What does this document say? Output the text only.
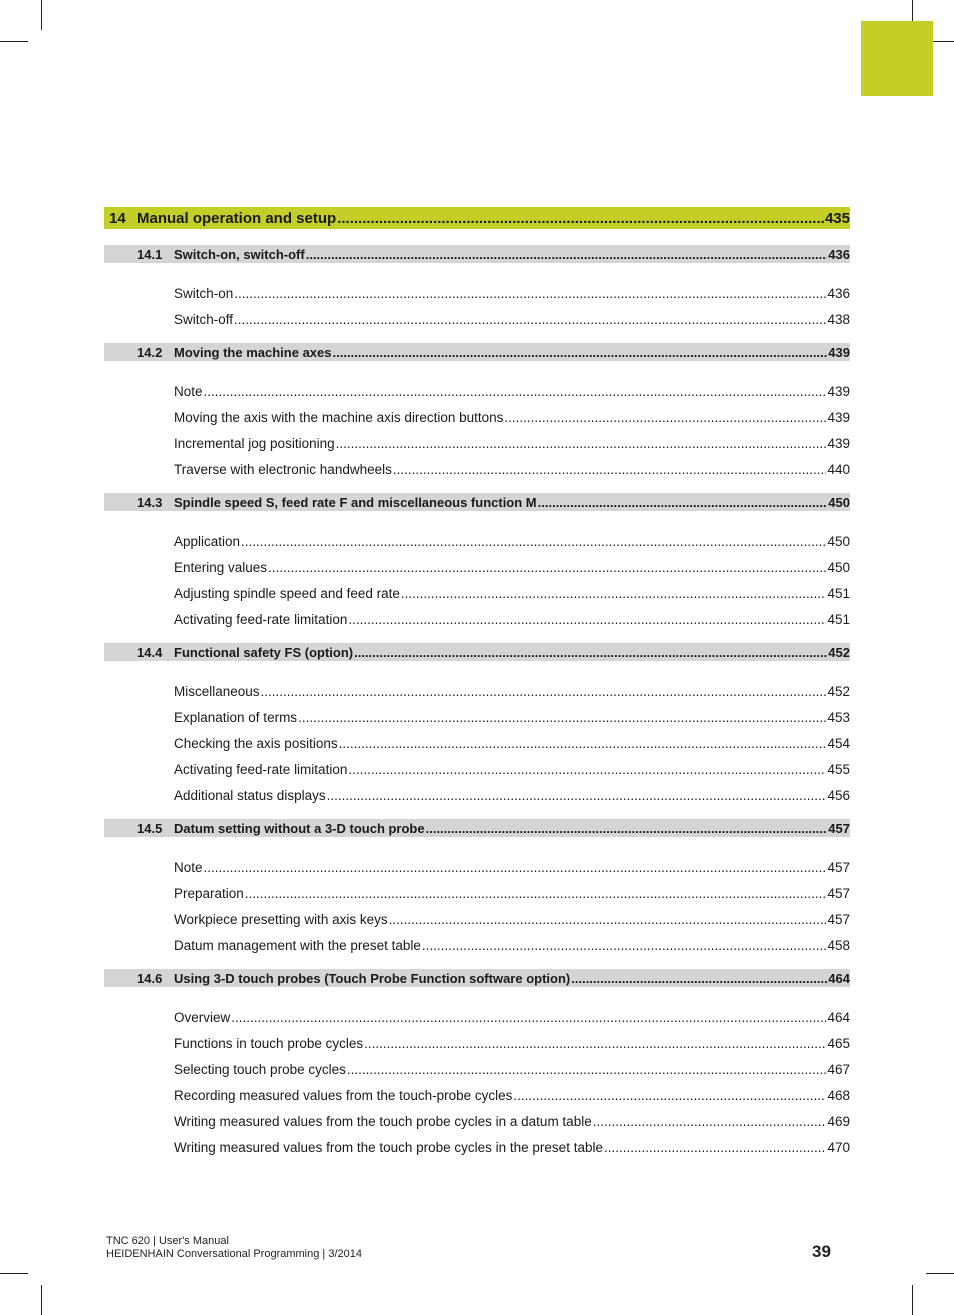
14 Manual operation and setup .....	435
14.1 Switch-on, switch-off .....	436
Switch-on .....	436
Switch-off .....	438
14.2 Moving the machine axes .....	439
Note .....	439
Moving the axis with the machine axis direction buttons .....	439
Incremental jog positioning .....	439
Traverse with electronic handwheels .....	440
14.3 Spindle speed S, feed rate F and miscellaneous function M .....	450
Application .....	450
Entering values .....	450
Adjusting spindle speed and feed rate .....	451
Activating feed-rate limitation .....	451
14.4 Functional safety FS (option) .....	452
Miscellaneous .....	452
Explanation of terms .....	453
Checking the axis positions .....	454
Activating feed-rate limitation .....	455
Additional status displays .....	456
14.5 Datum setting without a 3-D touch probe .....	457
Note .....	457
Preparation .....	457
Workpiece presetting with axis keys .....	457
Datum management with the preset table .....	458
14.6 Using 3-D touch probes (Touch Probe Function software option) .....	464
Overview .....	464
Functions in touch probe cycles .....	465
Selecting touch probe cycles .....	467
Recording measured values from the touch-probe cycles .....	468
Writing measured values from the touch probe cycles in a datum table .....	469
Writing measured values from the touch probe cycles in the preset table .....	470
TNC 620 | User's Manual
HEIDENHAIN Conversational Programming | 3/2014	39
